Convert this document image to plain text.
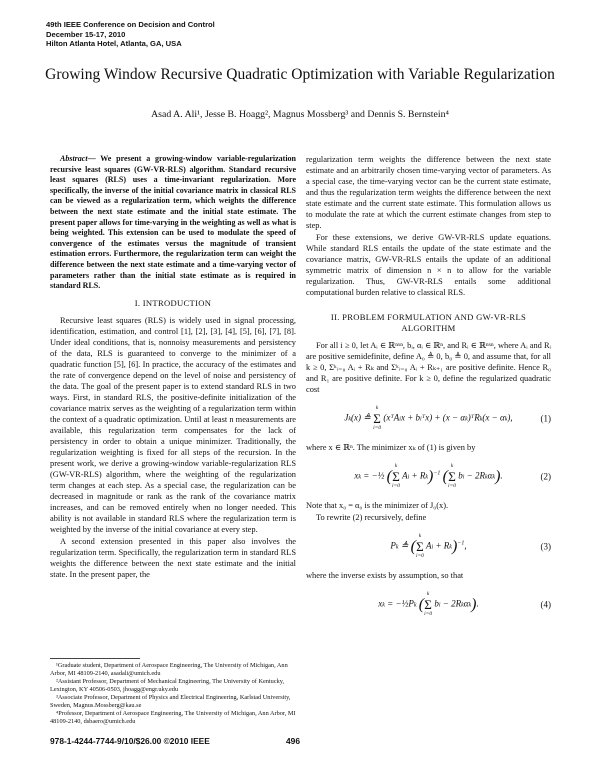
49th IEEE Conference on Decision and Control
December 15-17, 2010
Hilton Atlanta Hotel, Atlanta, GA, USA
Growing Window Recursive Quadratic Optimization with Variable Regularization
Asad A. Ali¹, Jesse B. Hoagg², Magnus Mossberg³ and Dennis S. Bernstein⁴

Abstract— We present a growing-window variable-regularization recursive least squares (GW-VR-RLS) algorithm. Standard recursive least squares (RLS) uses a time-invariant regularization. More specifically, the inverse of the initial covariance matrix in classical RLS can be viewed as a regularization term, which weights the difference between the next state estimate and the initial state estimate. The present paper allows for time-varying in the weighting as well as what is being weighted. This extension can be used to modulate the speed of convergence of the estimates versus the magnitude of transient estimation errors. Furthermore, the regularization term can weight the difference between the next state estimate and a time-varying vector of parameters rather than the initial state estimate as is required in standard RLS.

I. INTRODUCTION

Recursive least squares (RLS) is widely used in signal processing, identification, estimation, and control [1], [2], [3], [4], [5], [6], [7], [8]. Under ideal conditions, that is, nonnoisy measurements and persistency of the data, RLS is guaranteed to converge to the minimizer of a quadratic function [5], [6]. In practice, the accuracy of the estimates and the rate of convergence depend on the level of noise and persistency of the data. The goal of the present paper is to extend standard RLS in two ways. First, in standard RLS, the positive-definite initialization of the covariance matrix serves as the weighting of a regularization term within the context of a quadratic optimization. Until at least n measurements are available, this regularization term compensates for the lack of persistency in order to obtain a unique minimizer. Traditionally, the regularization weighting is fixed for all steps of the recursion. In the present work, we derive a growing-window variable-regularization RLS (GW-VR-RLS) algorithm, where the weighting of the regularization term changes at each step. As a special case, the regularization can be decreased in magnitude or rank as the rank of the covariance matrix increases, and can be removed entirely when no longer needed. This ability is not available in standard RLS where the regularization term is weighted by the inverse of the initial covariance at every step.

A second extension presented in this paper also involves the regularization term. Specifically, the regularization term in standard RLS weights the difference between the next state estimate and the initial state. In the present paper, the

¹Graduate student, Department of Aerospace Engineering, The University of Michigan, Ann Arbor, MI 48109-2140, asadali@umich.edu
²Assistant Professor, Department of Mechanical Engineering, The University of Kentucky, Lexington, KY 40506-0503, jhoagg@engr.uky.edu
³Associate Professor, Department of Physics and Electrical Engineering, Karlstad University, Sweden, Magnus.Mossberg@kau.se
⁴Professor, Department of Aerospace Engineering, The University of Michigan, Ann Arbor, MI 48109-2140, dsbaero@umich.edu

regularization term weights the difference between the next state estimate and an arbitrarily chosen time-varying vector of parameters. As a special case, the time-varying vector can be the current state estimate, and thus the regularization term weights the difference between the next state estimate and the current state estimate. This formulation allows us to modulate the rate at which the current estimate changes from step to step.

For these extensions, we derive GW-VR-RLS update equations. While standard RLS entails the update of the state estimate and the covariance matrix, GW-VR-RLS entails the update of an additional symmetric matrix of dimension n × n to allow for the variable regularization. Thus, GW-VR-RLS entails some additional computational burden relative to classical RLS.

II. PROBLEM FORMULATION AND GW-VR-RLS
ALGORITHM

For all i ≥ 0, let Aᵢ ∈ ℝⁿˣⁿ, bᵢ, αᵢ ∈ ℝⁿ, and Rᵢ ∈ ℝⁿˣⁿ, where Aᵢ and Rᵢ are positive semidefinite, define A₀ ≜ 0, b₀ ≜ 0, and assume that, for all k ≥ 0, Σᵏᵢ₌₀ Aᵢ + Rₖ and Σᵏᵢ₌₀ Aᵢ + Rₖ₊₁ are positive definite. Hence R₀ and R₁ are positive definite. For k ≥ 0, define the regularized quadratic cost

Jk(x) ≜
k
Σ
i=0
(xᵀAix + biᵀx) + (x − αk)ᵀRk(x − αk),	(1)

where x ∈ ℝⁿ. The minimizer xₖ of (1) is given by

xk = −½ (
k
Σ
i=0
Ai + Rk)$^{-1}$ (
k
Σ
i=0
bi − 2Rkαk).	(2)

Note that x₀ = α₀ is the minimizer of J₀(x).

To rewrite (2) recursively, define

Pk ≜ (
k
Σ
i=0
Ai + Rk)$^{-1}$,	(3)

where the inverse exists by assumption, so that

xk = −½Pk (
k
Σ
i=0
bi − 2Rkαk).	(4)
978-1-4244-7744-9/10/$26.00 ©2010 IEEE	496
